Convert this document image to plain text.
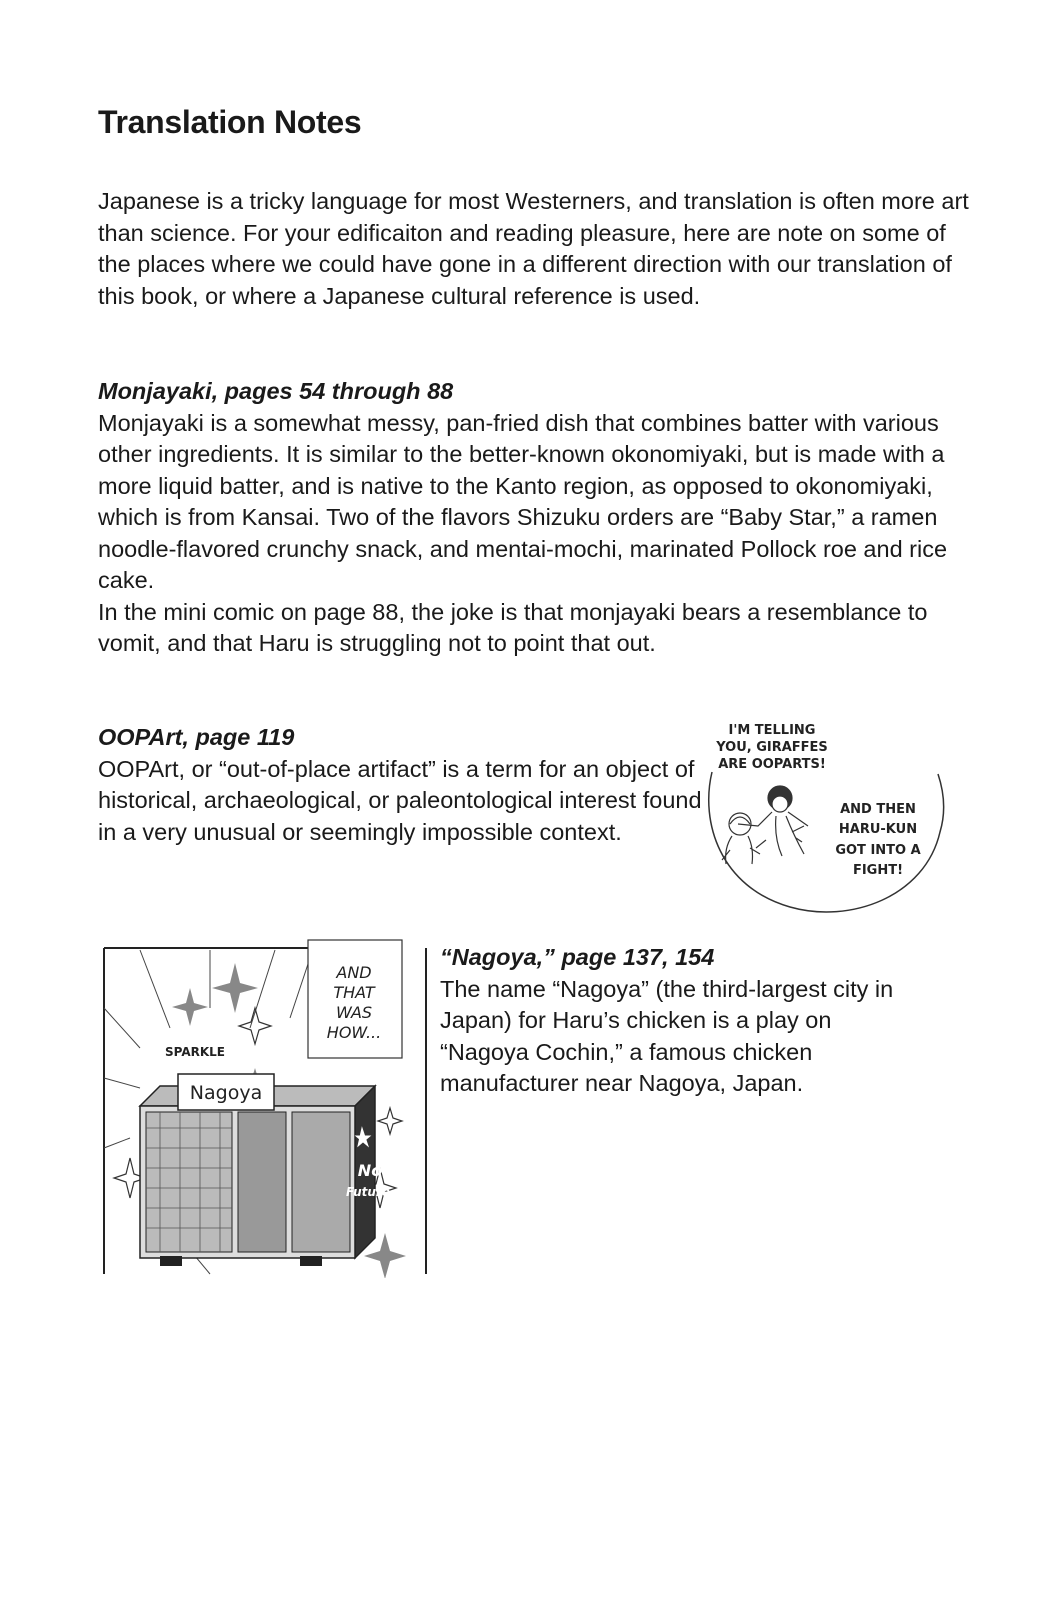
Translation Notes

Japanese is a tricky language for most Westerners, and translation is often more art than science. For your edificaiton and reading pleasure, here are note on some of the places where we could have gone in a different direction with our translation of this book, or where a Japanese cultural reference is used.

Monjayaki, pages 54 through 88

Monjayaki is a somewhat messy, pan-fried dish that combines batter with various other ingredients. It is similar to the better-known okonomiyaki, but is made with a more liquid batter, and is native to the Kanto region, as opposed to okonomiyaki, which is from Kansai. Two of the flavors Shizuku orders are “Baby Star,” a ramen noodle-flavored crunchy snack, and mentai-mochi, marinated Pollock roe and rice cake.

In the mini comic on page 88, the joke is that monjayaki bears a resemblance to vomit, and that Haru is struggling not to point that out.

OOPArt, page 119

OOPArt, or “out-of-place artifact” is a term for an object of historical, archaeological, or paleontological interest found in a very unusual or seemingly impossible context.

“Nagoya,” page 137, 154

The name “Nagoya” (the third-largest city in Japan) for Haru’s chicken is a play on “Nagoya Cochin,” a famous chicken manufacturer near Nagoya, Japan.

I'M TELLING
YOU, GIRAFFES
ARE OOPARTS!
AND THEN
HARU-KUN
GOT INTO A
FIGHT!
AND
THAT
WAS
HOW...
SPARKLE
No
Future
Nagoya
